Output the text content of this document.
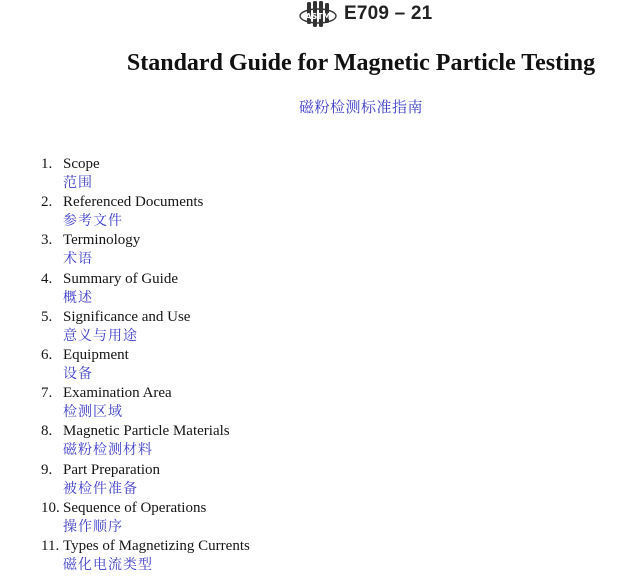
ASTM E709 – 21
Standard Guide for Magnetic Particle Testing
磁粉检测标准指南
1. Scope
范围
2. Referenced Documents
参考文件
3. Terminology
术语
4. Summary of Guide
概述
5. Significance and Use
意义与用途
6. Equipment
设备
7. Examination Area
检测区域
8. Magnetic Particle Materials
磁粉检测材料
9. Part Preparation
被检件准备
10. Sequence of Operations
操作顺序
11. Types of Magnetizing Currents
磁化电流类型
